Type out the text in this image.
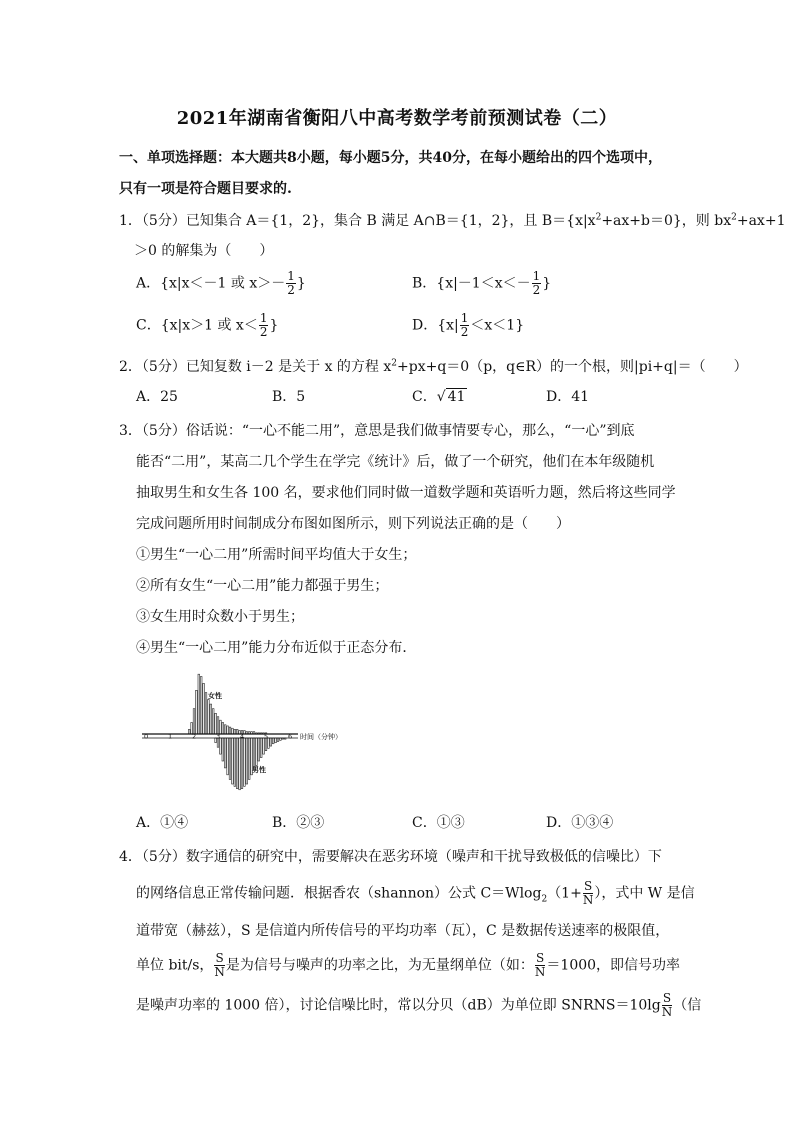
2021年湖南省衡阳八中高考数学考前预测试卷（二）
一、单项选择题：本大题共8小题，每小题5分，共40分，在每小题给出的四个选项中，
只有一项是符合题目要求的.
1．（5分）已知集合 A＝{1，2}，集合 B 满足 A∩B＝{1，2}，且 $B=\{x|x^2+ax+b=0\}$，则 $bx^2+ax+1$
＞0 的解集为（　　）
A．{x|x＜－1 或 $x>- \frac{1}{2}$ }	B．{$x|-1<x<- \frac{1}{2}$ }
C．{x|x＞1 或 $x< \frac{1}{2}$ }	D．$\{x| \frac{1}{2} <x<1\}$
2．（5分）已知复数 i－2 是关于 x 的方程 $x^2+px+q=0(p$，q∈R）的一个根，则|pi+q|＝（　　）
A．25	B．5	C．√ 41	D．41
3．（5分）俗话说：“一心不能二用”，意思是我们做事情要专心，那么，“一心”到底
能否“二用”，某高二几个学生在学完《统计》后，做了一个研究，他们在本年级随机
抽取男生和女生各 100 名，要求他们同时做一道数学题和英语听力题，然后将这些同学
完成问题所用时间制成分布图如图所示，则下列说法正确的是（　　）
①男生“一心二用”所需时间平均值大于女生；
②所有女生“一心二用”能力都强于男生；
③女生用时众数小于男生；
④男生“一心二用”能力分布近似于正态分布．
0	1	2	3	4	5	6 时间（分钟）
女性
男性
A．①④	B．②③	C．①③	D．①③④
4．（5分）数字通信的研究中，需要解决在恶劣环境（噪声和干扰导致极低的信噪比）下
的网络信息正常传输问题．根据香农（shannon）公式 $C=Wlog_2(1+ \frac{S}{N}$ ），式中 W 是信
道带宽（赫兹），S 是信道内所传信号的平均功率（瓦），C 是数据传送速率的极限值，
单位 bit/s， $\frac{S}{N}$ 是为信号与噪声的功率之比，为无量纲单位（如： $\frac{S}{N} =1000$，即信号功率
是噪声功率的 1000 倍），讨论信噪比时，常以分贝（dB）为单位即 SNRNS＝10lg $\frac{S}{N}$ （信
